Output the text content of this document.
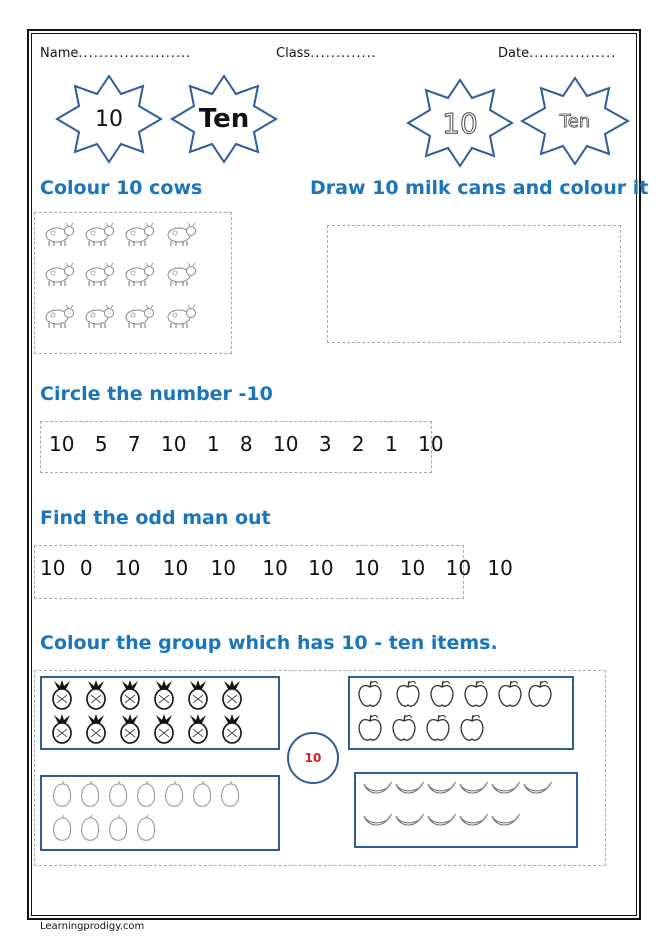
Name......................	Class.............	Date.................
10	Ten	10	Ten
Colour 10 cows	Draw 10 milk cans and colour it
Circle the number -10
10 5 7 10 1 8 10 3 2 1 10
Find the odd man out
10 0 10 10 10 10 10 10 10 10 10
Colour the group which has 10 - ten items.
10
Learningprodigy.com
